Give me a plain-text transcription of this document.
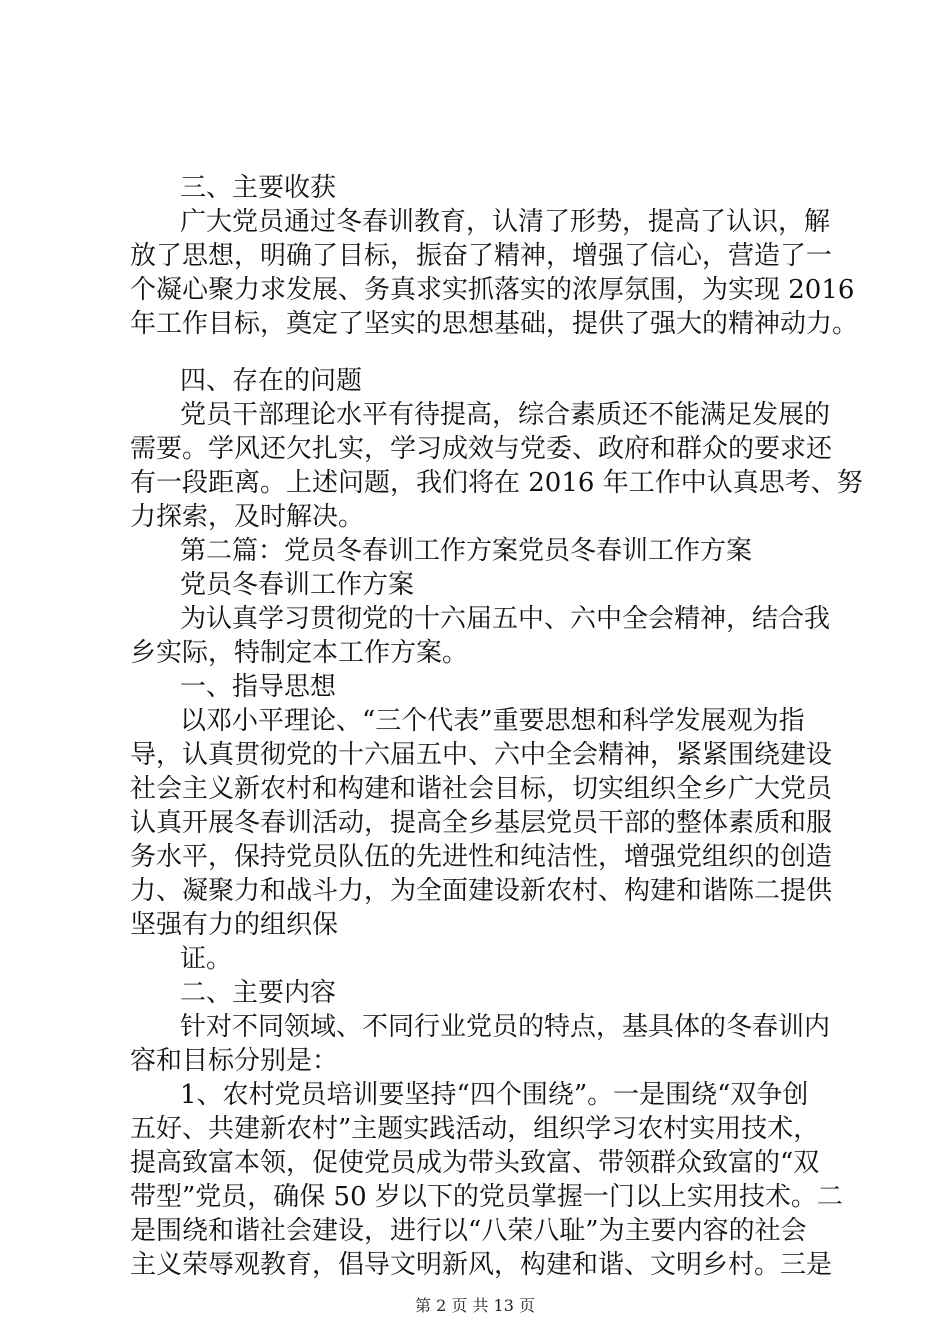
三、主要收获
广大党员通过冬春训教育，认清了形势，提高了认识，解
放了思想，明确了目标，振奋了精神，增强了信心，营造了一
个凝心聚力求发展、务真求实抓落实的浓厚氛围，为实现 2016
年工作目标，奠定了坚实的思想基础，提供了强大的精神动力。
四、存在的问题
党员干部理论水平有待提高，综合素质还不能满足发展的
需要。学风还欠扎实，学习成效与党委、政府和群众的要求还
有一段距离。上述问题，我们将在 2016 年工作中认真思考、努
力探索，及时解决。
第二篇：党员冬春训工作方案党员冬春训工作方案
党员冬春训工作方案
为认真学习贯彻党的十六届五中、六中全会精神，结合我
乡实际，特制定本工作方案。
一、指导思想
以邓小平理论、“三个代表”重要思想和科学发展观为指
导，认真贯彻党的十六届五中、六中全会精神，紧紧围绕建设
社会主义新农村和构建和谐社会目标，切实组织全乡广大党员
认真开展冬春训活动，提高全乡基层党员干部的整体素质和服
务水平，保持党员队伍的先进性和纯洁性，增强党组织的创造
力、凝聚力和战斗力，为全面建设新农村、构建和谐陈二提供
坚强有力的组织保
证。
二、主要内容
针对不同领域、不同行业党员的特点，基具体的冬春训内
容和目标分别是：
1、农村党员培训要坚持“四个围绕”。一是围绕“双争创
五好、共建新农村”主题实践活动，组织学习农村实用技术，
提高致富本领，促使党员成为带头致富、带领群众致富的“双
带型”党员，确保 50 岁以下的党员掌握一门以上实用技术。二
是围绕和谐社会建设，进行以“八荣八耻”为主要内容的社会
主义荣辱观教育，倡导文明新风，构建和谐、文明乡村。三是
第 2 页 共 13 页
